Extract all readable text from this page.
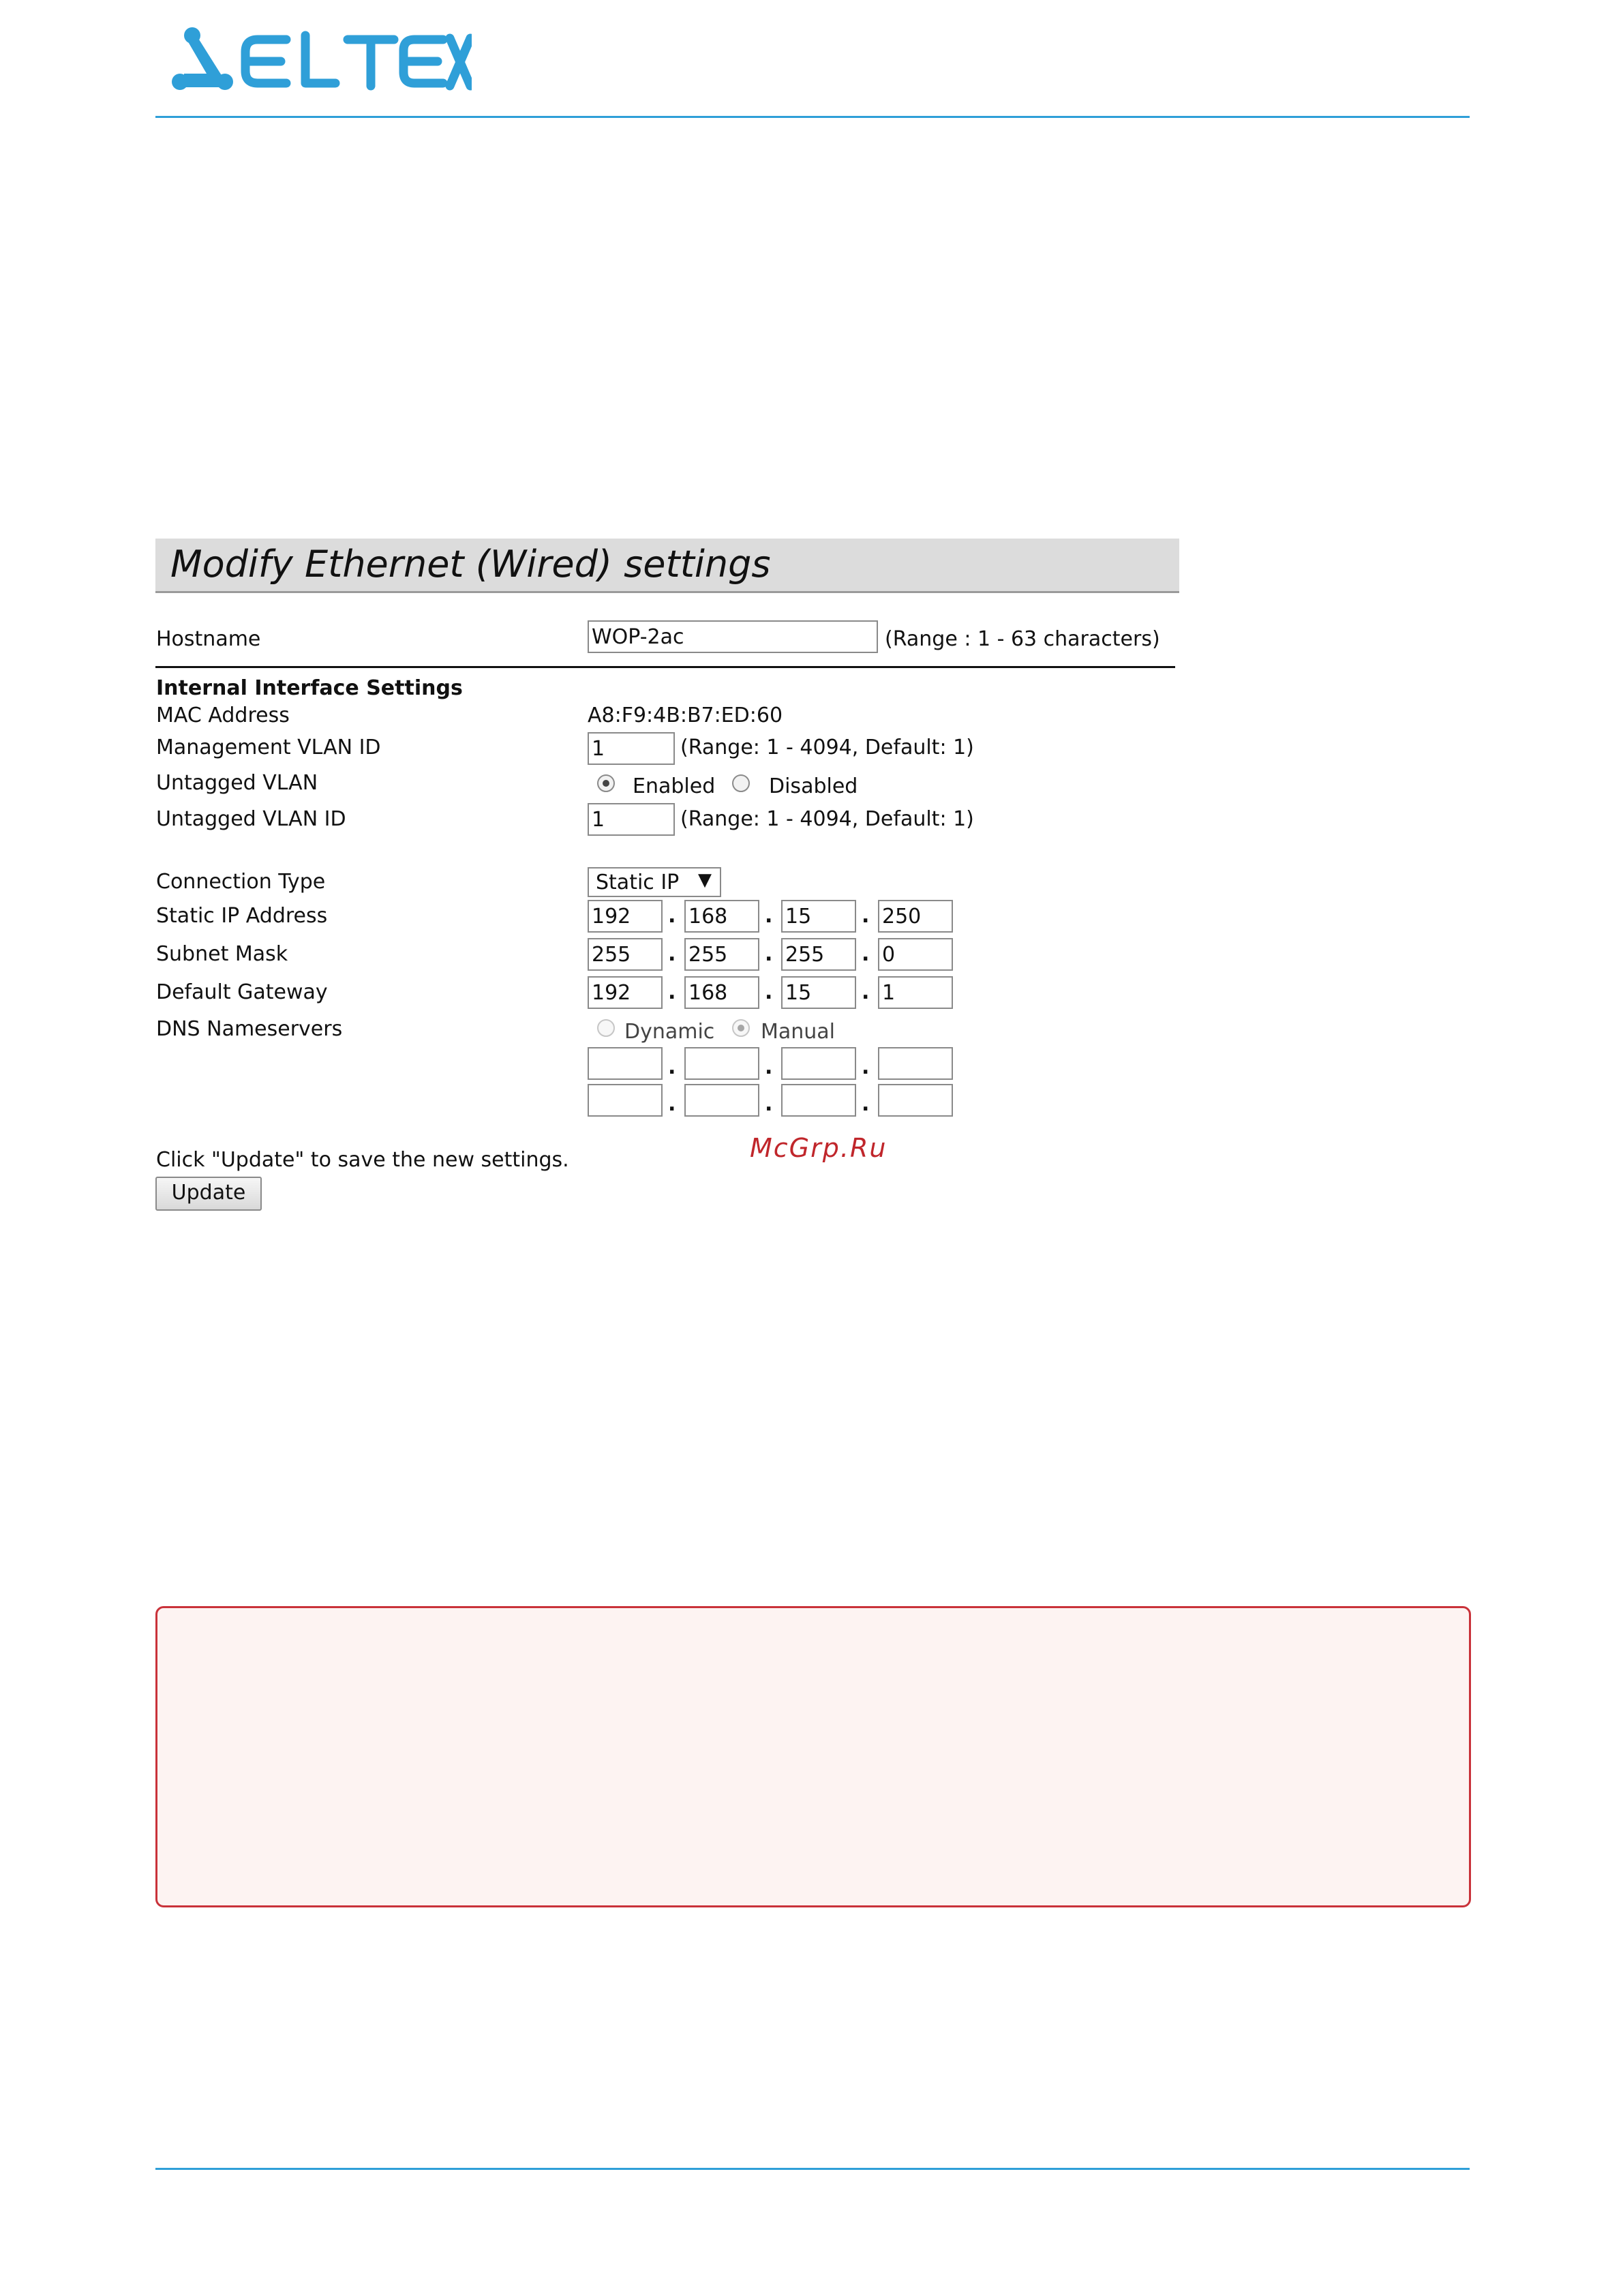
Modify Ethernet (Wired) settings
Hostname	WOP-2ac	(Range : 1 - 63 characters)
Internal Interface Settings
MAC Address	A8:F9:4B:B7:ED:60
Management VLAN ID	1	(Range: 1 - 4094, Default: 1)
Untagged VLAN	Enabled	Disabled
Untagged VLAN ID	1	(Range: 1 - 4094, Default: 1)
Connection Type	Static IP ▼
Static IP Address	192	. 168	. 15	. 250
Subnet Mask	255	. 255	. 255	. 0
Default Gateway	192	. 168	. 15	. 1
DNS Nameservers	Dynamic Manual
.	.	.
.	.	.
Click "Update" to save the new settings.
Update
McGrp.Ru
